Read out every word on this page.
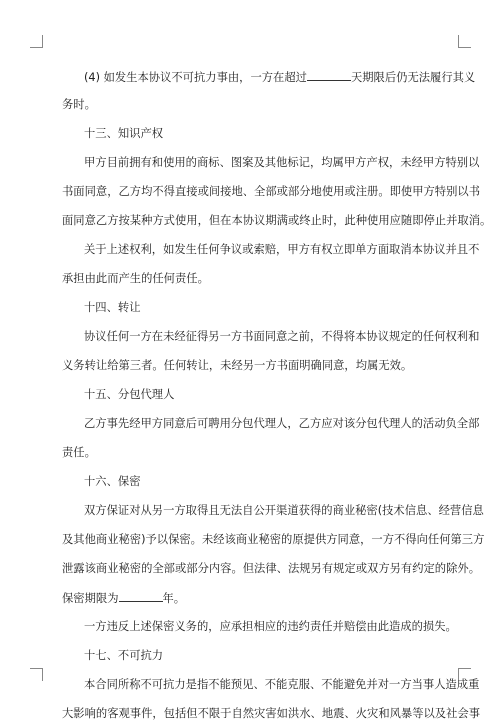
(4) 如发生本协议不可抗力事由，一方在超过	天期限后仍无法履行其义
务时。
十三、知识产权
甲方目前拥有和使用的商标、图案及其他标记，均属甲方产权，未经甲方特别以
书面同意，乙方均不得直接或间接地、全部或部分地使用或注册。即使甲方特别以书
面同意乙方按某种方式使用，但在本协议期满或终止时，此种使用应随即停止并取消。
关于上述权利，如发生任何争议或索赔，甲方有权立即单方面取消本协议并且不
承担由此而产生的任何责任。
十四、转让
协议任何一方在未经征得另一方书面同意之前，不得将本协议规定的任何权利和
义务转让给第三者。任何转让，未经另一方书面明确同意，均属无效。
十五、分包代理人
乙方事先经甲方同意后可聘用分包代理人，乙方应对该分包代理人的活动负全部
责任。
十六、保密
双方保证对从另一方取得且无法自公开渠道获得的商业秘密(技术信息、经营信息
及其他商业秘密)予以保密。未经该商业秘密的原提供方同意，一方不得向任何第三方
泄露该商业秘密的全部或部分内容。但法律、法规另有规定或双方另有约定的除外。
保密期限为	年。
一方违反上述保密义务的，应承担相应的违约责任并赔偿由此造成的损失。
十七、不可抗力
本合同所称不可抗力是指不能预见、不能克服、不能避免并对一方当事人造成重
大影响的客观事件，包括但不限于自然灾害如洪水、地震、火灾和风暴等以及社会事
